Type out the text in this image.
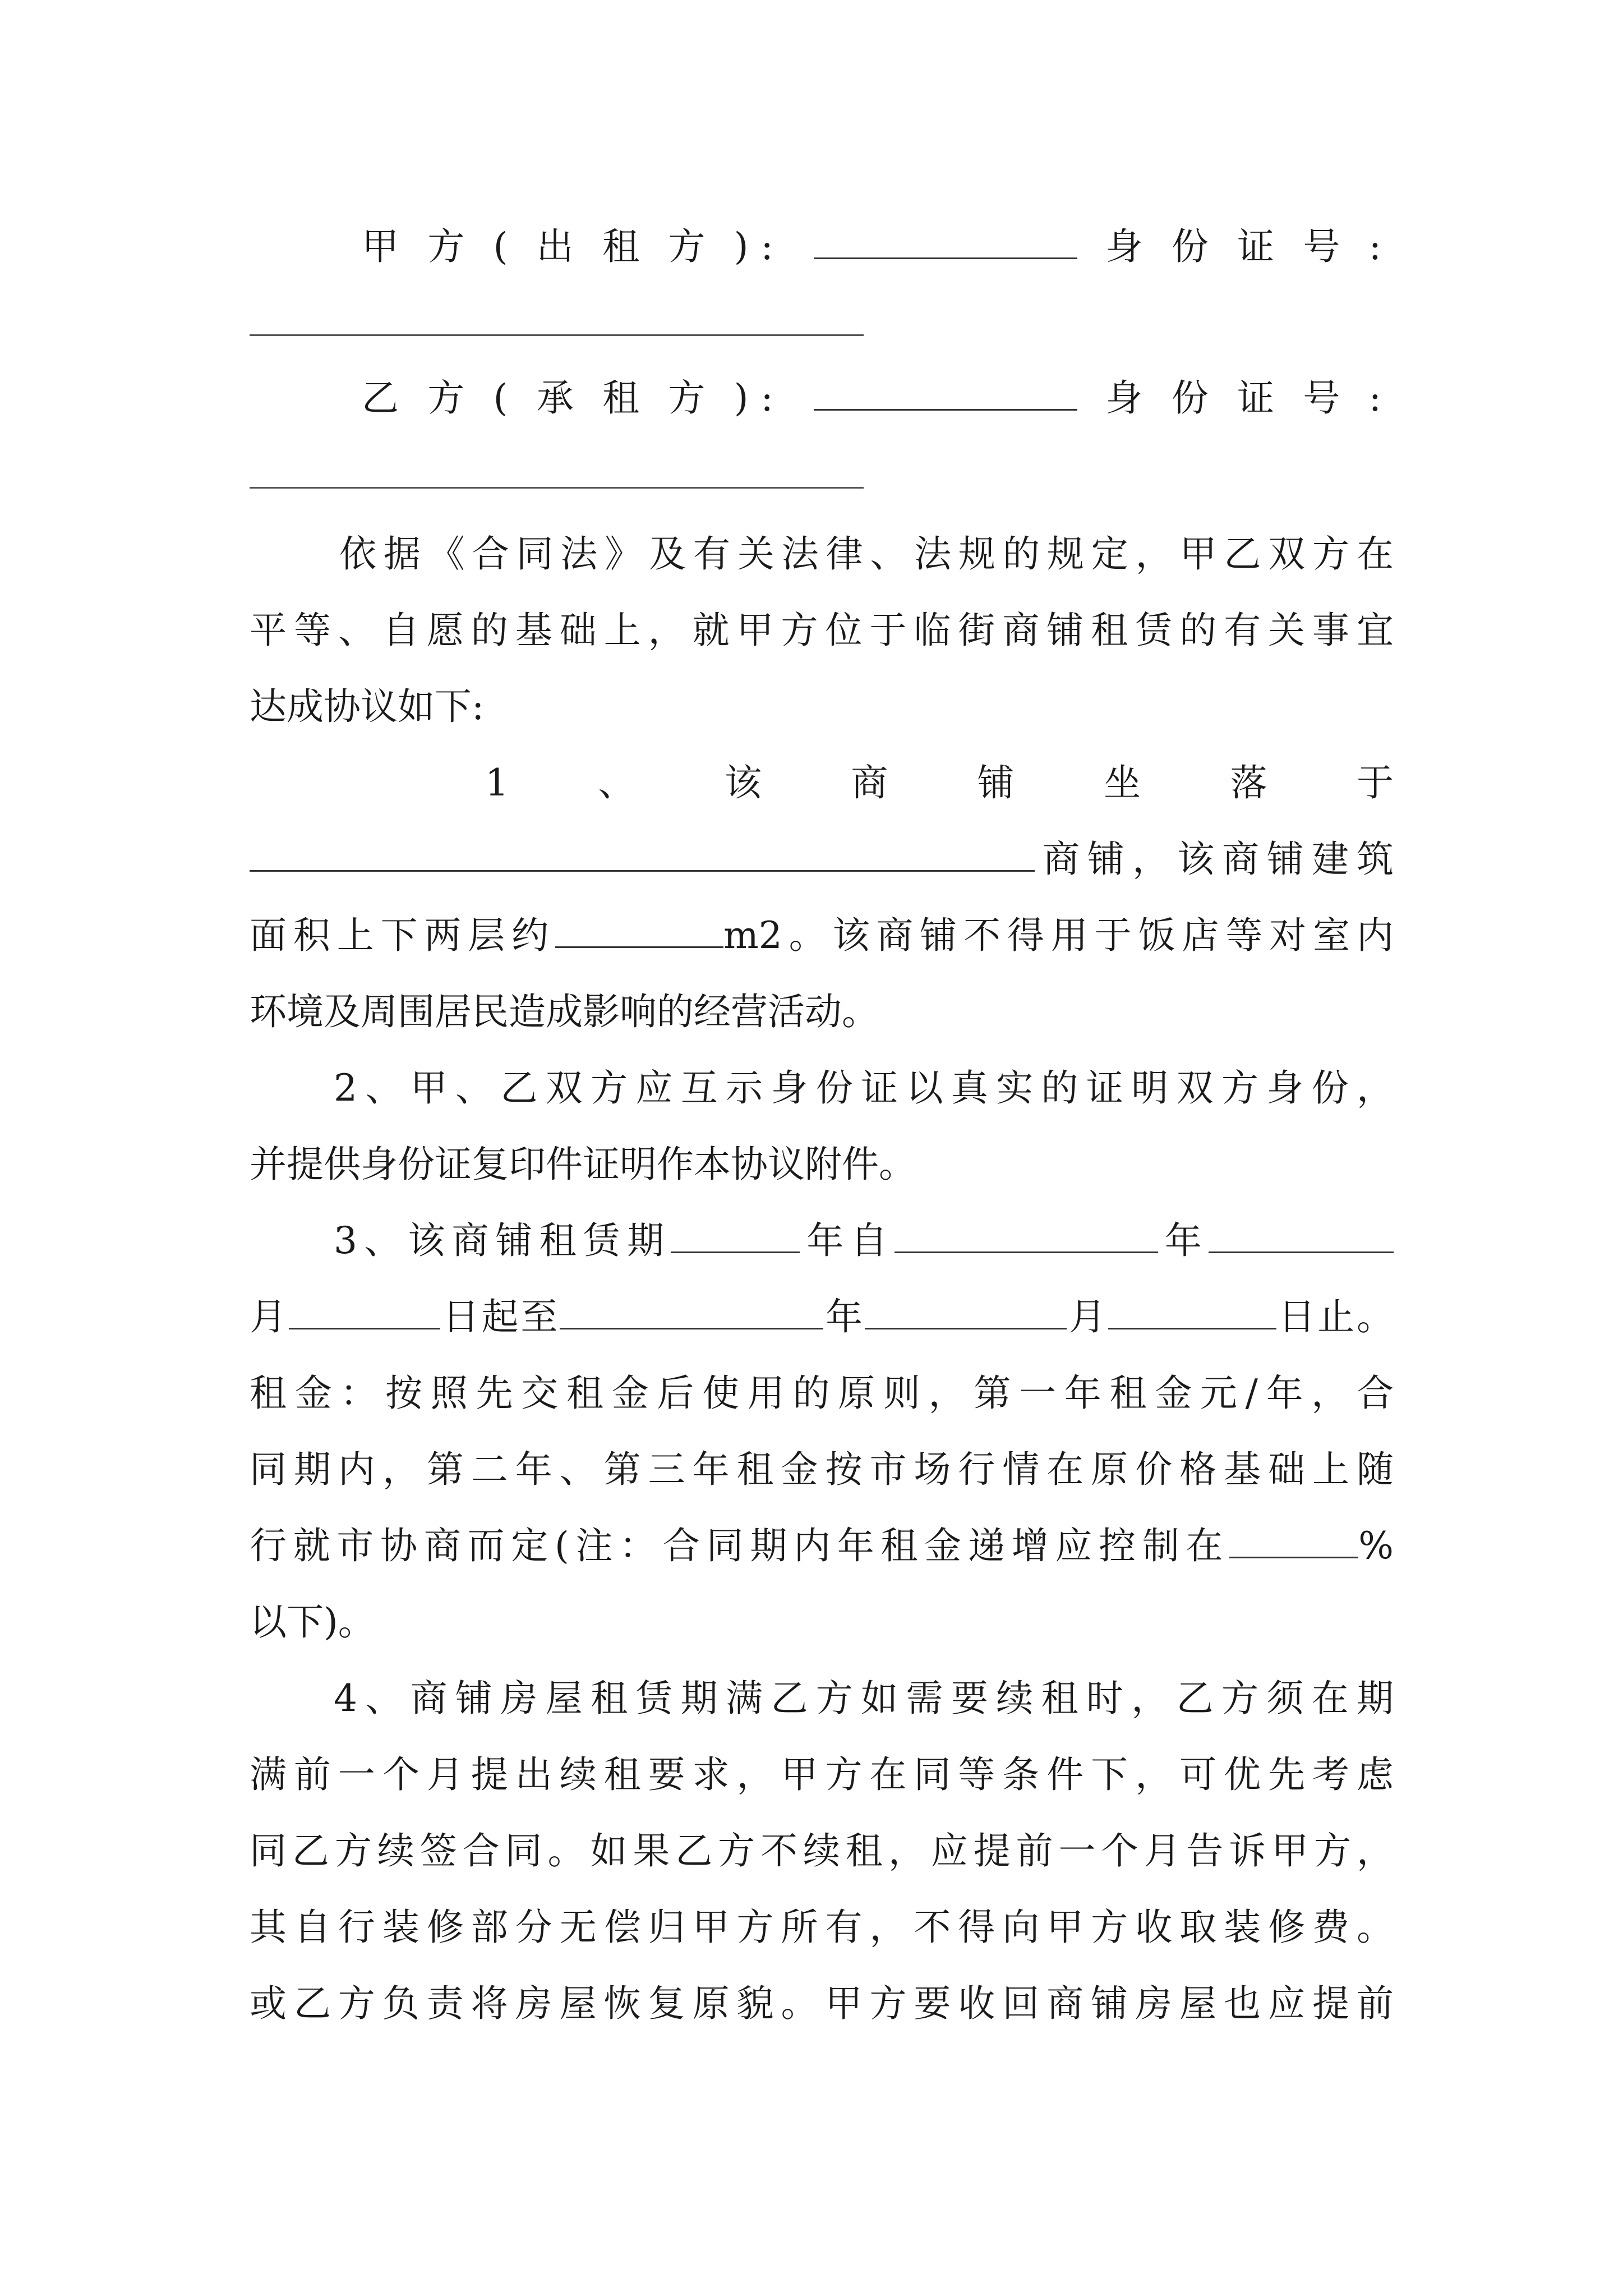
甲方(出租方):	身份证号:
乙方(承租方):	身份证号:
依据《合同法》及有关法律、法规的规定，甲乙双方在
平等、自愿的基础上，就甲方位于临街商铺租赁的有关事宜
达成协议如下:
1、该商铺坐落于
商铺，该商铺建筑
面积上下两层约	m2。该商铺不得用于饭店等对室内
环境及周围居民造成影响的经营活动。
2、甲、乙双方应互示身份证以真实的证明双方身份，
并提供身份证复印件证明作本协议附件。
3、该商铺租赁期	年自	年
月	日起至	年	月	日止。
租金：按照先交租金后使用的原则，第一年租金元/年，合
同期内，第二年、第三年租金按市场行情在原价格基础上随
行就市协商而定(注：合同期内年租金递增应控制在	%
以下)。
4、商铺房屋租赁期满乙方如需要续租时，乙方须在期
满前一个月提出续租要求，甲方在同等条件下，可优先考虑
同乙方续签合同。如果乙方不续租，应提前一个月告诉甲方，
其自行装修部分无偿归甲方所有，不得向甲方收取装修费。
或乙方负责将房屋恢复原貌。甲方要收回商铺房屋也应提前
